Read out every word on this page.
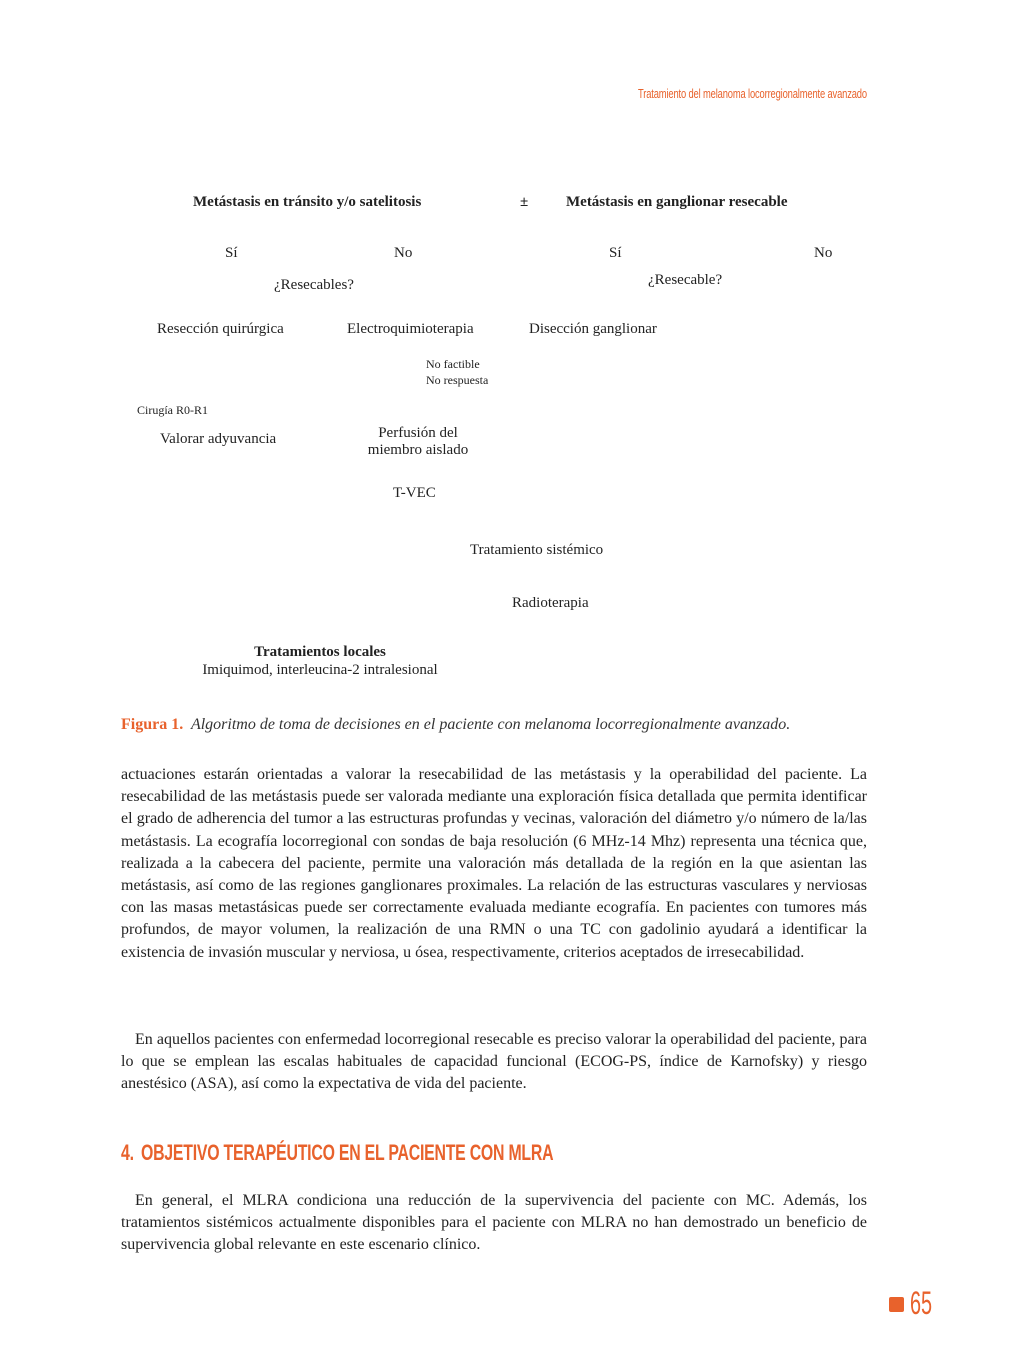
Tratamiento del melanoma locorregionalmente avanzado
Metástasis en tránsito y/o satelitosis	±	Metástasis en ganglionar resecable
Sí	No	Sí	No
¿Resecables?	¿Resecable?
Resección quirúrgica	Electroquimioterapia	Disección ganglionar
No factible
No respuesta
Cirugía R0-R1
Valorar adyuvancia	Perfusión del
miembro aislado
T-VEC
Tratamiento sistémico
Radioterapia
Tratamientos locales
Imiquimod, interleucina-2 intralesional
Figura 1. Algoritmo de toma de decisiones en el paciente con melanoma locorregionalmente avanzado.

actuaciones estarán orientadas a valorar la resecabilidad de las metástasis y la operabilidad del paciente. La resecabilidad de las metástasis puede ser valorada mediante una exploración física detallada que permita identificar el grado de adherencia del tumor a las estructuras profundas y vecinas, valoración del diámetro y/o número de la/las metástasis. La ecografía locorregional con sondas de baja resolución (6 MHz-14 Mhz) representa una técnica que, realizada a la cabecera del paciente, permite una valoración más detallada de la región en la que asientan las metástasis, así como de las regiones ganglionares proximales. La relación de las estructuras vasculares y nerviosas con las masas metastásicas puede ser correctamente evaluada mediante ecografía. En pacientes con tumores más profundos, de mayor volumen, la realización de una RMN o una TC con gadolinio ayudará a identificar la existencia de invasión muscular y nerviosa, u ósea, respectivamente, criterios aceptados de irresecabilidad.

En aquellos pacientes con enfermedad locorregional resecable es preciso valorar la operabilidad del paciente, para lo que se emplean las escalas habituales de capacidad funcional (ECOG-PS, índice de Karnofsky) y riesgo anestésico (ASA), así como la expectativa de vida del paciente.

4. OBJETIVO TERAPÉUTICO EN EL PACIENTE CON MLRA

En general, el MLRA condiciona una reducción de la supervivencia del paciente con MC. Además, los tratamientos sistémicos actualmente disponibles para el paciente con MLRA no han demostrado un beneficio de supervivencia global relevante en este escenario clínico.

65
